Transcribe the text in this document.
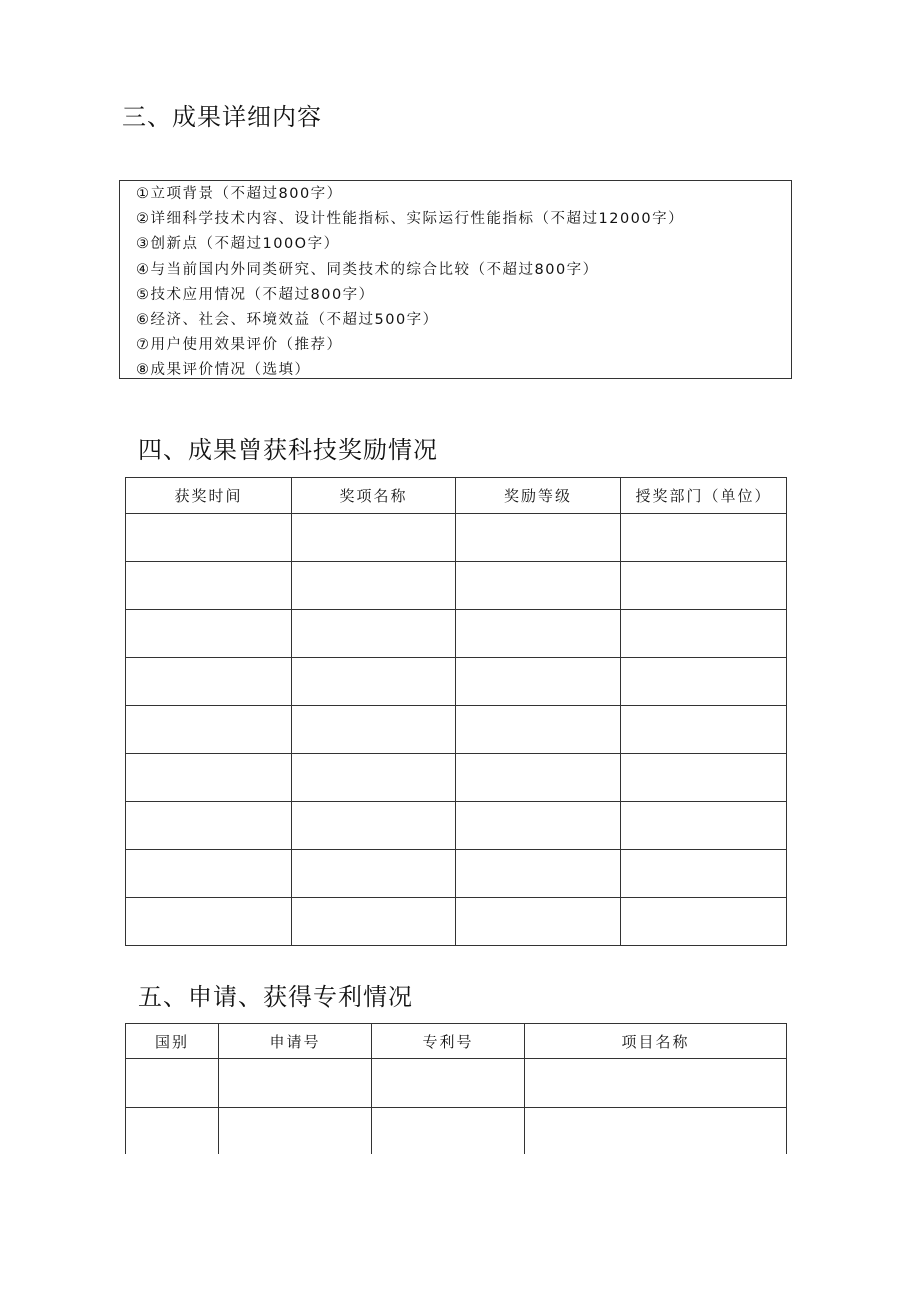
三、成果详细内容
①立项背景（不超过800字）
②详细科学技术内容、设计性能指标、实际运行性能指标（不超过12000字）
③创新点（不超过100O字）
④与当前国内外同类研究、同类技术的综合比较（不超过800字）
⑤技术应用情况（不超过800字）
⑥经济、社会、环境效益（不超过500字）
⑦用户使用效果评价（推荐）
⑧成果评价情况（选填）
四、成果曾获科技奖励情况
获奖时间	奖项名称	奖励等级	授奖部门（单位）

五、申请、获得专利情况
国别	申请号	专利号	项目名称
